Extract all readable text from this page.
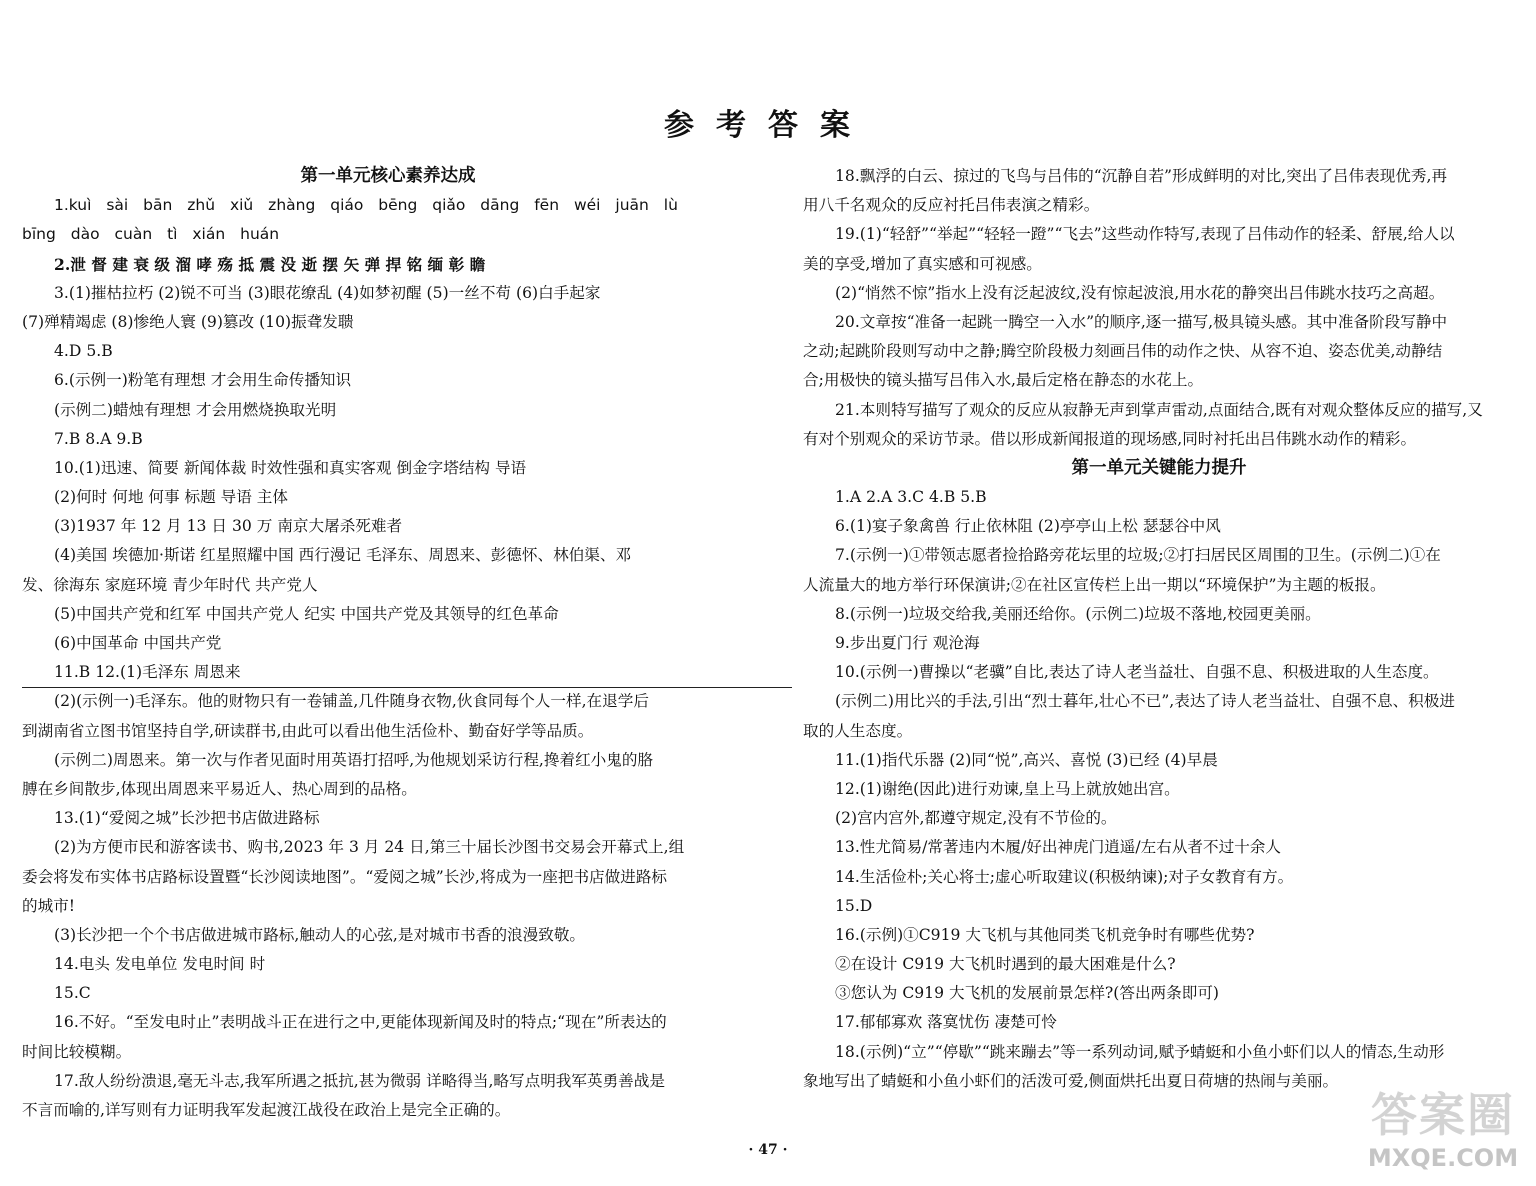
参考答案
第一单元核心素养达成
1.kuì sài bān zhǔ xiǔ zhàng qiáo bēng qiǎo dāng fēn wéi juān lù
bīng dào cuàn tì xián huán
2.泄 督 建 衰 级 溜 哮 殇 抵 震 没 逝 摆 矢 弹 捍 铭 缅 彰 瞻
3.(1)摧枯拉朽 (2)锐不可当 (3)眼花缭乱 (4)如梦初醒 (5)一丝不苟 (6)白手起家
(7)殚精竭虑 (8)惨绝人寰 (9)篡改 (10)振聋发聩
4.D 5.B
6.(示例一)粉笔有理想 才会用生命传播知识
(示例二)蜡烛有理想 才会用燃烧换取光明
7.B 8.A 9.B
10.(1)迅速、简要 新闻体裁 时效性强和真实客观 倒金字塔结构 导语
(2)何时 何地 何事 标题 导语 主体
(3)1937 年 12 月 13 日 30 万 南京大屠杀死难者
(4)美国 埃德加·斯诺 红星照耀中国 西行漫记 毛泽东、周恩来、彭德怀、林伯渠、邓
发、徐海东 家庭环境 青少年时代 共产党人
(5)中国共产党和红军 中国共产党人 纪实 中国共产党及其领导的红色革命
(6)中国革命 中国共产党
11.B 12.(1)毛泽东 周恩来
(2)(示例一)毛泽东。他的财物只有一卷铺盖,几件随身衣物,伙食同每个人一样,在退学后
到湖南省立图书馆坚持自学,研读群书,由此可以看出他生活俭朴、勤奋好学等品质。
(示例二)周恩来。第一次与作者见面时用英语打招呼,为他规划采访行程,搀着红小鬼的胳
膊在乡间散步,体现出周恩来平易近人、热心周到的品格。
13.(1)“爱阅之城”长沙把书店做进路标
(2)为方便市民和游客读书、购书,2023 年 3 月 24 日,第三十届长沙图书交易会开幕式上,组
委会将发布实体书店路标设置暨“长沙阅读地图”。“爱阅之城”长沙,将成为一座把书店做进路标
的城市!
(3)长沙把一个个书店做进城市路标,触动人的心弦,是对城市书香的浪漫致敬。
14.电头 发电单位 发电时间 时
15.C
16.不好。“至发电时止”表明战斗正在进行之中,更能体现新闻及时的特点;“现在”所表达的
时间比较模糊。
17.敌人纷纷溃退,毫无斗志,我军所遇之抵抗,甚为微弱 详略得当,略写点明我军英勇善战是
不言而喻的,详写则有力证明我军发起渡江战役在政治上是完全正确的。
18.飘浮的白云、掠过的飞鸟与吕伟的“沉静自若”形成鲜明的对比,突出了吕伟表现优秀,再
用八千名观众的反应衬托吕伟表演之精彩。
19.(1)“轻舒”“举起”“轻轻一蹬”“飞去”这些动作特写,表现了吕伟动作的轻柔、舒展,给人以
美的享受,增加了真实感和可视感。
(2)“悄然不惊”指水上没有泛起波纹,没有惊起波浪,用水花的静突出吕伟跳水技巧之高超。
20.文章按“准备一起跳一腾空一入水”的顺序,逐一描写,极具镜头感。其中准备阶段写静中
之动;起跳阶段则写动中之静;腾空阶段极力刻画吕伟的动作之快、从容不迫、姿态优美,动静结
合;用极快的镜头描写吕伟入水,最后定格在静态的水花上。
21.本则特写描写了观众的反应从寂静无声到掌声雷动,点面结合,既有对观众整体反应的描写,又
有对个别观众的采访节录。借以形成新闻报道的现场感,同时衬托出吕伟跳水动作的精彩。
第一单元关键能力提升
1.A 2.A 3.C 4.B 5.B
6.(1)宴子象禽兽 行止依林阻 (2)亭亭山上松 瑟瑟谷中风
7.(示例一)①带领志愿者捡拾路旁花坛里的垃圾;②打扫居民区周围的卫生。(示例二)①在
人流量大的地方举行环保演讲;②在社区宣传栏上出一期以“环境保护”为主题的板报。
8.(示例一)垃圾交给我,美丽还给你。(示例二)垃圾不落地,校园更美丽。
9.步出夏门行 观沧海
10.(示例一)曹操以“老骥”自比,表达了诗人老当益壮、自强不息、积极进取的人生态度。
(示例二)用比兴的手法,引出“烈士暮年,壮心不已”,表达了诗人老当益壮、自强不息、积极进
取的人生态度。
11.(1)指代乐器 (2)同“悦”,高兴、喜悦 (3)已经 (4)早晨
12.(1)谢绝(因此)进行劝谏,皇上马上就放她出宫。
(2)宫内宫外,都遵守规定,没有不节俭的。
13.性尤简易/常著违内木履/好出神虎门逍遥/左右从者不过十余人
14.生活俭朴;关心将士;虚心听取建议(积极纳谏);对子女教育有方。
15.D
16.(示例)①C919 大飞机与其他同类飞机竞争时有哪些优势?
②在设计 C919 大飞机时遇到的最大困难是什么?
③您认为 C919 大飞机的发展前景怎样?(答出两条即可)
17.郁郁寡欢 落寞忧伤 凄楚可怜
18.(示例)“立”“停歇”“跳来蹦去”等一系列动词,赋予蜻蜓和小鱼小虾们以人的情态,生动形
象地写出了蜻蜓和小鱼小虾们的活泼可爱,侧面烘托出夏日荷塘的热闹与美丽。
· 47 ·
答案圈
MXQE.COM
